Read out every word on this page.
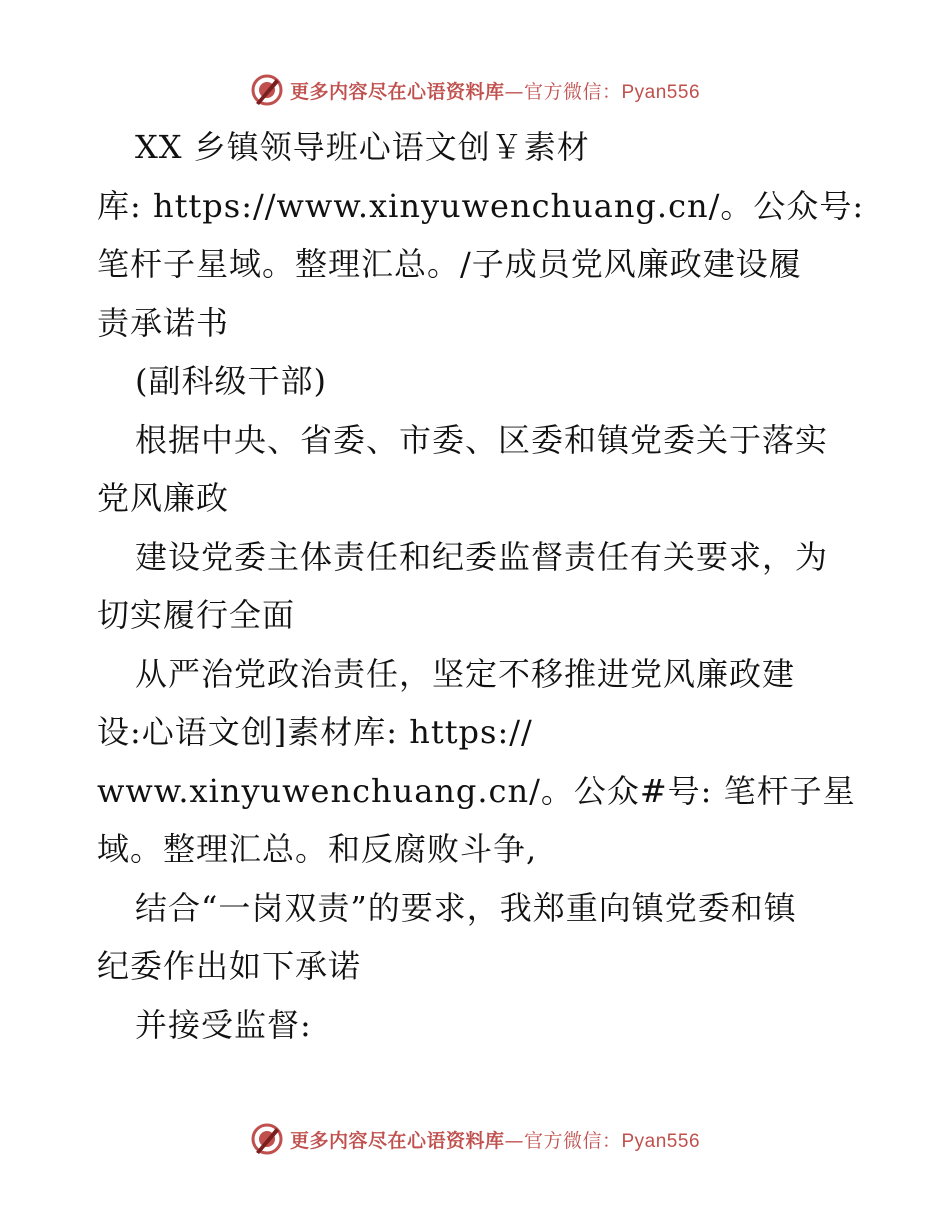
更多内容尽在心语资料库—官方微信：Pyan556
XX 乡镇领导班心语文创￥素材
库: https://www.xinyuwenchuang.cn/。公众号:
笔杆子星域。整理汇总。/子成员党风廉政建设履
责承诺书
(副科级干部)
根据中央、省委、市委、区委和镇党委关于落实
党风廉政
建设党委主体责任和纪委监督责任有关要求，为
切实履行全面
从严治党政治责任，坚定不移推进党风廉政建
设:心语文创]素材库: https://
www.xinyuwenchuang.cn/。公众#号: 笔杆子星
域。整理汇总。和反腐败斗争,
结合“一岗双责”的要求，我郑重向镇党委和镇
纪委作出如下承诺
并接受监督:
更多内容尽在心语资料库—官方微信：Pyan556
